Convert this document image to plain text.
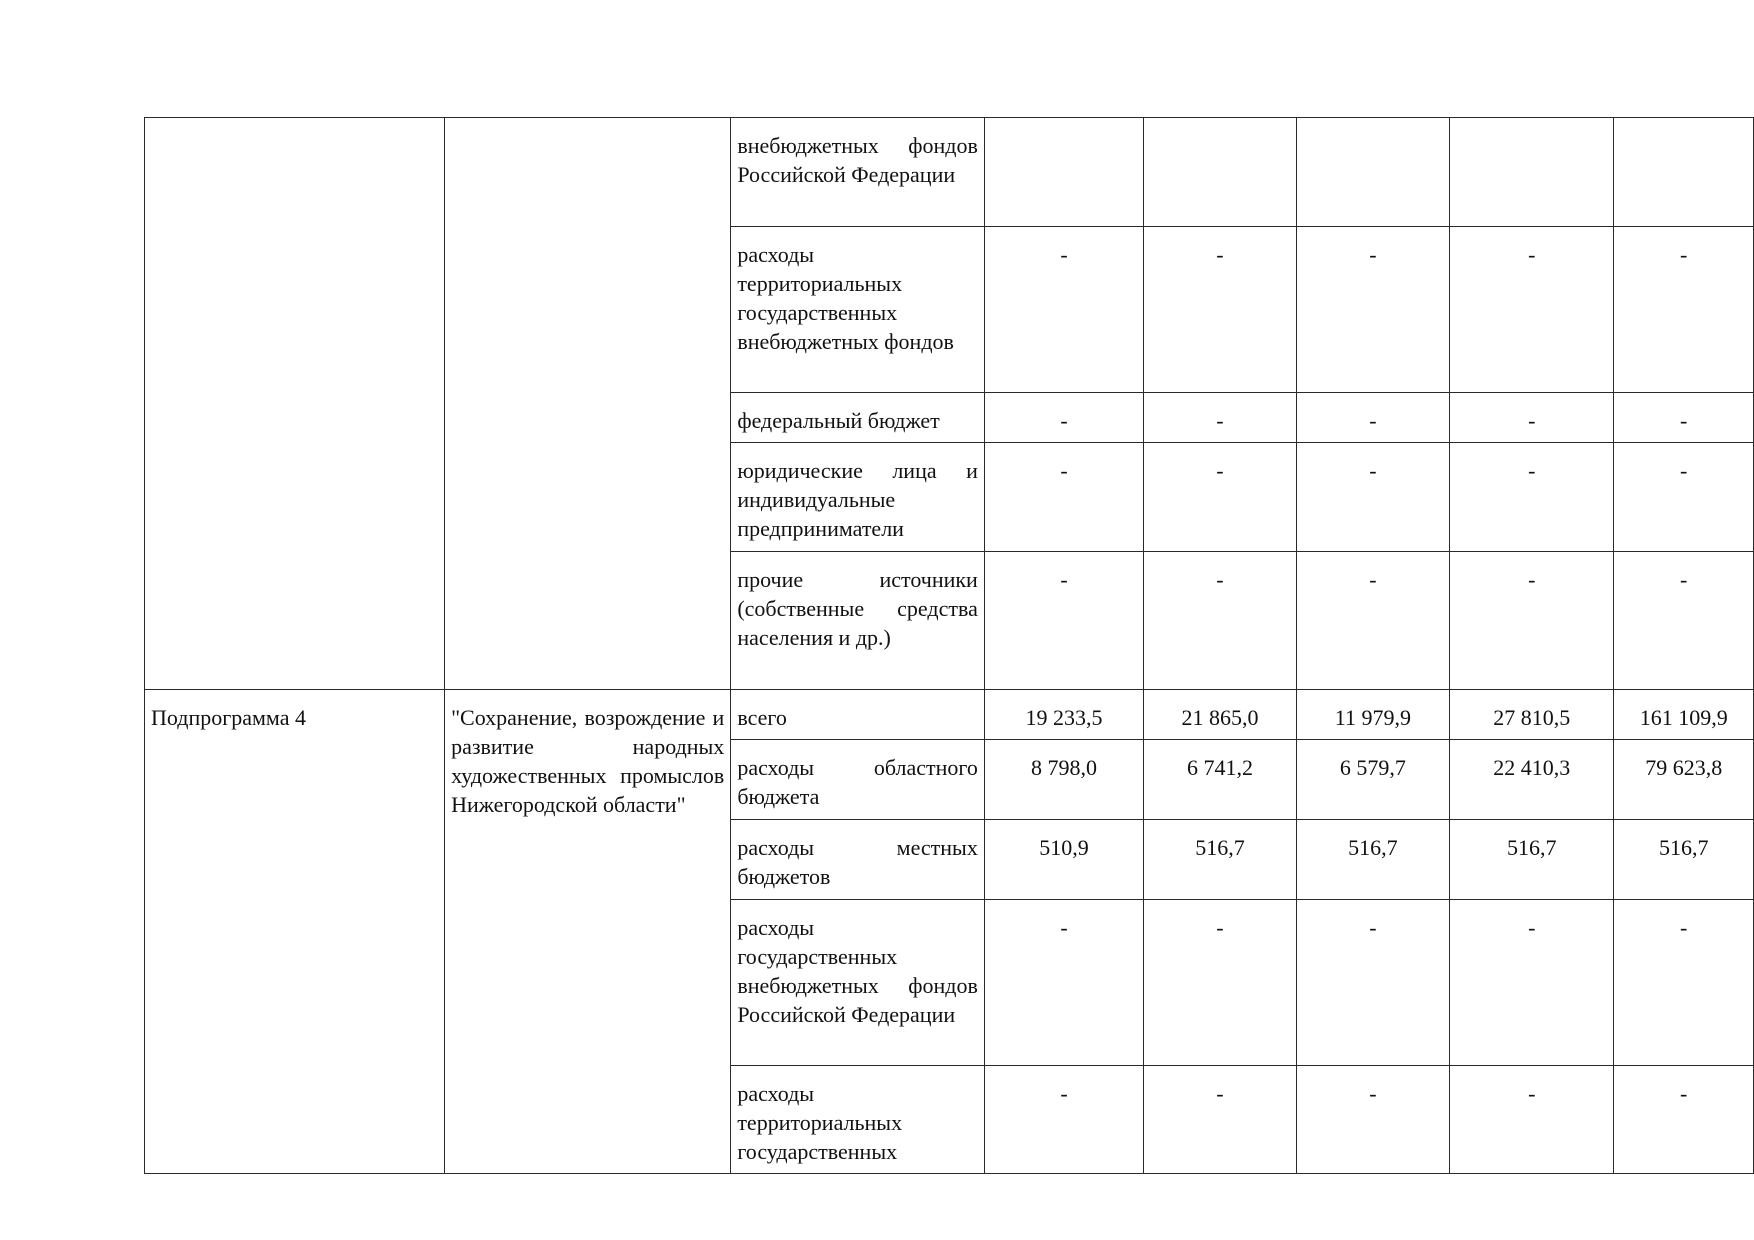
		внебюджетных фондов Российской Федерации					
		расходы территориальных государственных внебюджетных фондов	-	-	-	-	-
		федеральный бюджет	-	-	-	-	-
		юридические лица и индивидуальные предприниматели	-	-	-	-	-
		прочие источники (собственные средства населения и др.)	-	-	-	-	-
Подпрограмма 4	"Сохранение, возрождение и развитие народных художественных промыслов Нижегородской области"	всего	19 233,5	21 865,0	11 979,9	27 810,5	161 109,9
		расходы областного бюджета	8 798,0	6 741,2	6 579,7	22 410,3	79 623,8
		расходы местных бюджетов	510,9	516,7	516,7	516,7	516,7
		расходы государственных внебюджетных фондов Российской Федерации	-	-	-	-	-
		расходы территориальных государственных	-	-	-	-	-
